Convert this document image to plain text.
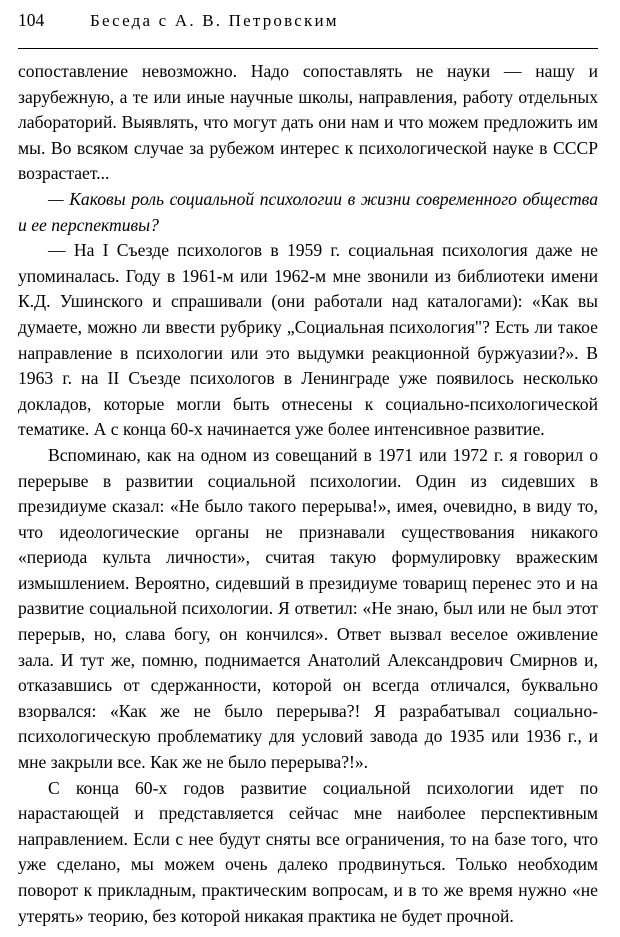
104	Беседа с А. В. Петровским

сопоставление невозможно. Надо сопоставлять не науки — нашу и зарубежную, а те или иные научные школы, направления, работу отдельных лабораторий. Выявлять, что могут дать они нам и что можем предложить им мы. Во всяком случае за рубежом интерес к психологической науке в СССР возрастает...

— Каковы роль социальной психологии в жизни современного общества и ее перспективы?

— На I Съезде психологов в 1959 г. социальная психология даже не упоминалась. Году в 1961-м или 1962-м мне звонили из библиотеки имени К.Д. Ушинского и спрашивали (они работали над каталогами): «Как вы думаете, можно ли ввести рубрику „Социальная психология"? Есть ли такое направление в психологии или это выдумки реакционной буржуазии?». В 1963 г. на II Съезде психологов в Ленинграде уже появилось несколько докладов, которые могли быть отнесены к социально-психологической тематике. А с конца 60-х начинается уже более интенсивное развитие.

Вспоминаю, как на одном из совещаний в 1971 или 1972 г. я говорил о перерыве в развитии социальной психологии. Один из сидевших в президиуме сказал: «Не было такого перерыва!», имея, очевидно, в виду то, что идеологические органы не признавали существования никакого «периода культа личности», считая такую формулировку вражеским измышлением. Вероятно, сидевший в президиуме товарищ перенес это и на развитие социальной психологии. Я ответил: «Не знаю, был или не был этот перерыв, но, слава богу, он кончился». Ответ вызвал веселое оживление зала. И тут же, помню, поднимается Анатолий Александрович Смирнов и, отказавшись от сдержанности, которой он всегда отличался, буквально взорвался: «Как же не было перерыва?! Я разрабатывал социально-психологическую проблематику для условий завода до 1935 или 1936 г., и мне закрыли все. Как же не было перерыва?!».

С конца 60-х годов развитие социальной психологии идет по нарастающей и представляется сейчас мне наиболее перспективным направлением. Если с нее будут сняты все ограничения, то на базе того, что уже сделано, мы можем очень далеко продвинуться. Только необходим поворот к прикладным, практическим вопросам, и в то же время нужно «не утерять» теорию, без которой никакая практика не будет прочной.
